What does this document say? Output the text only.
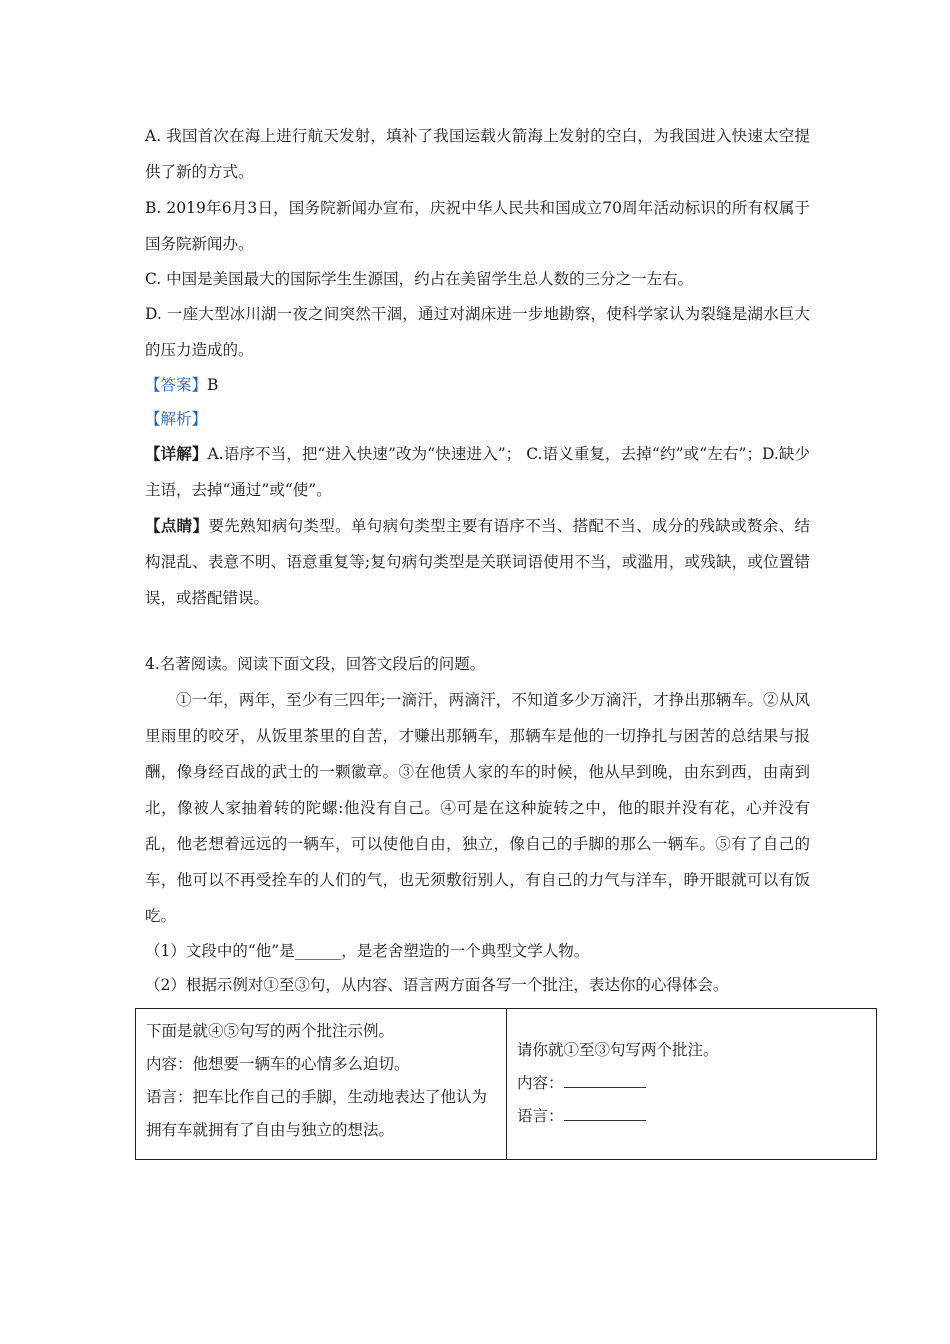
A. 我国首次在海上进行航天发射，填补了我国运载火箭海上发射的空白，为我国进入快速太空提供了新的方式。

B. 2019年6月3日，国务院新闻办宣布，庆祝中华人民共和国成立70周年活动标识的所有权属于国务院新闻办。

C. 中国是美国最大的国际学生生源国，约占在美留学生总人数的三分之一左右。

D. 一座大型冰川湖一夜之间突然干涸，通过对湖床进一步地勘察，使科学家认为裂缝是湖水巨大的压力造成的。

【答案】B

【解析】

【详解】A.语序不当，把“进入快速”改为“快速进入”； C.语义重复，去掉“约”或“左右”；D.缺少主语，去掉“通过”或“使”。

【点睛】要先熟知病句类型。单句病句类型主要有语序不当、搭配不当、成分的残缺或赘余、结构混乱、表意不明、语意重复等;复句病句类型是关联词语使用不当，或滥用，或残缺，或位置错误，或搭配错误。

4.名著阅读。阅读下面文段，回答文段后的问题。

①一年，两年，至少有三四年;一滴汗，两滴汗，不知道多少万滴汗，才挣出那辆车。②从风里雨里的咬牙，从饭里茶里的自苦，才赚出那辆车，那辆车是他的一切挣扎与困苦的总结果与报酬，像身经百战的武士的一颗徽章。③在他赁人家的车的时候，他从早到晚，由东到西，由南到北，像被人家抽着转的陀螺:他没有自己。④可是在这种旋转之中，他的眼并没有花，心并没有乱，他老想着远远的一辆车，可以使他自由，独立，像自己的手脚的那么一辆车。⑤有了自己的车，他可以不再受拴车的人们的气，也无须敷衍别人，有自己的力气与洋车，睁开眼就可以有饭吃。

（1）文段中的“他”是______，是老舍塑造的一个典型文学人物。

（2）根据示例对①至③句，从内容、语言两方面各写一个批注，表达你的心得体会。

下面是就④⑤句写的两个批注示例。
内容：他想要一辆车的心情多么迫切。
语言：把车比作自己的手脚，生动地表达了他认为拥有车就拥有了自由与独立的想法。

请你就①至③句写两个批注。
内容：
语言：
